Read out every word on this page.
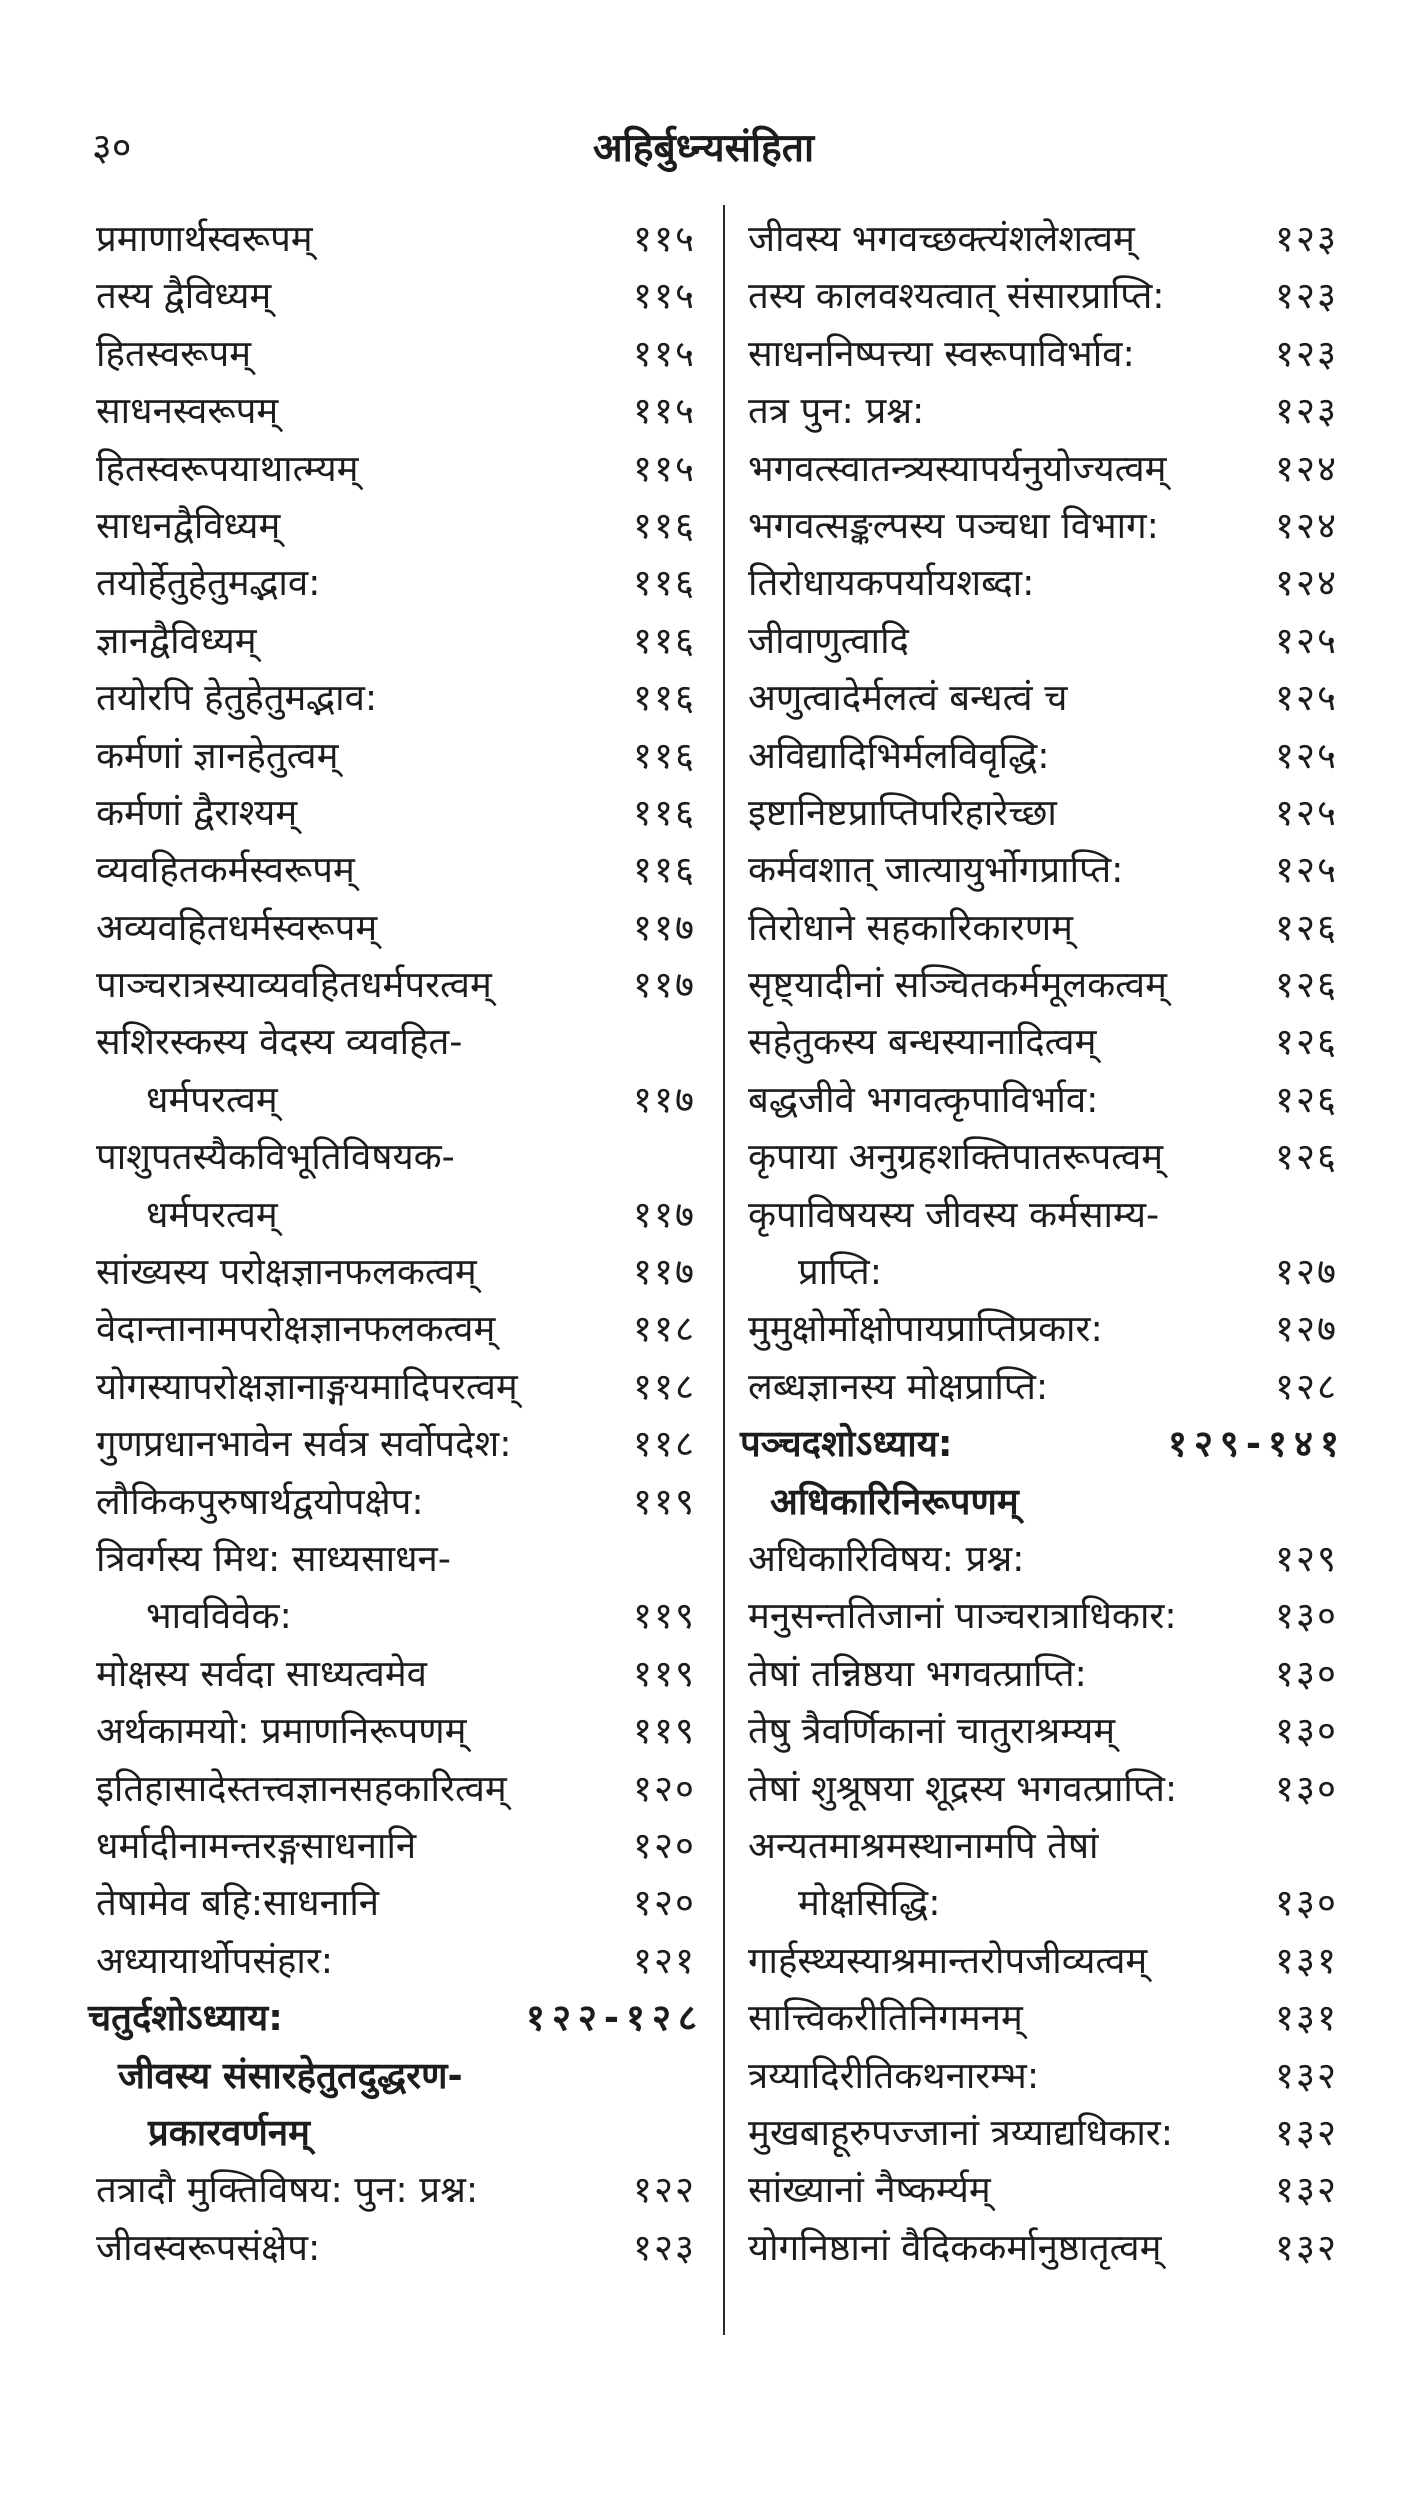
३०	अहिर्बुध्न्यसंहिता
प्रमाणार्थस्वरूपम्	११५
तस्य द्वैविध्यम्	११५
हितस्वरूपम्	११५
साधनस्वरूपम्	११५
हितस्वरूपयाथात्म्यम्	११५
साधनद्वैविध्यम्	११६
तयोर्हेतुहेतुमद्भाव:	११६
ज्ञानद्वैविध्यम्	११६
तयोरपि हेतुहेतुमद्भाव:	११६
कर्मणां ज्ञानहेतुत्वम्	११६
कर्मणां द्वैराश्यम्	११६
व्यवहितकर्मस्वरूपम्	११६
अव्यवहितधर्मस्वरूपम्	११७
पाञ्चरात्रस्याव्यवहितधर्मपरत्वम्	११७
सशिरस्कस्य वेदस्य व्यवहित-
धर्मपरत्वम्	११७
पाशुपतस्यैकविभूतिविषयक-
धर्मपरत्वम्	११७
सांख्यस्य परोक्षज्ञानफलकत्वम्	११७
वेदान्तानामपरोक्षज्ञानफलकत्वम्	११८
योगस्यापरोक्षज्ञानाङ्गयमादिपरत्वम्	११८
गुणप्रधानभावेन सर्वत्र सर्वोपदेश:	११८
लौकिकपुरुषार्थद्वयोपक्षेप:	११९
त्रिवर्गस्य मिथ: साध्यसाधन-
भावविवेक:	११९
मोक्षस्य सर्वदा साध्यत्वमेव	११९
अर्थकामयो: प्रमाणनिरूपणम्	११९
इतिहासादेस्तत्त्वज्ञानसहकारित्वम्	१२०
धर्मादीनामन्तरङ्गसाधनानि	१२०
तेषामेव बहि:साधनानि	१२०
अध्यायार्थोपसंहार:	१२१
चतुर्दशोऽध्याय:	१२२-१२८
जीवस्य संसारहेतुतदुद्धरण-
प्रकारवर्णनम्
तत्रादौ मुक्तिविषय: पुन: प्रश्न:	१२२
जीवस्वरूपसंक्षेप:	१२३
जीवस्य भगवच्छक्त्यंशलेशत्वम्	१२३
तस्य कालवश्यत्वात् संसारप्राप्ति:	१२३
साधननिष्पत्त्या स्वरूपाविर्भाव:	१२३
तत्र पुन: प्रश्न:	१२३
भगवत्स्वातन्त्र्यस्यापर्यनुयोज्यत्वम्	१२४
भगवत्सङ्कल्पस्य पञ्चधा विभाग:	१२४
तिरोधायकपर्यायशब्दा:	१२४
जीवाणुत्वादि	१२५
अणुत्वादेर्मलत्वं बन्धत्वं च	१२५
अविद्यादिभिर्मलविवृद्धि:	१२५
इष्टानिष्टप्राप्तिपरिहारेच्छा	१२५
कर्मवशात् जात्यायुर्भोगप्राप्ति:	१२५
तिरोधाने सहकारिकारणम्	१२६
सृष्ट्यादीनां सञ्चितकर्ममूलकत्वम्	१२६
सहेतुकस्य बन्धस्यानादित्वम्	१२६
बद्धजीवे भगवत्कृपाविर्भाव:	१२६
कृपाया अनुग्रहशक्तिपातरूपत्वम्	१२६
कृपाविषयस्य जीवस्य कर्मसाम्य-
प्राप्ति:	१२७
मुमुक्षोर्मोक्षोपायप्राप्तिप्रकार:	१२७
लब्धज्ञानस्य मोक्षप्राप्ति:	१२८
पञ्चदशोऽध्याय:	१२९-१४१
अधिकारिनिरूपणम्
अधिकारिविषय: प्रश्न:	१२९
मनुसन्ततिजानां पाञ्चरात्राधिकार:	१३०
तेषां तन्निष्ठया भगवत्प्राप्ति:	१३०
तेषु त्रैवर्णिकानां चातुराश्रम्यम्	१३०
तेषां शुश्रूषया शूद्रस्य भगवत्प्राप्ति:	१३०
अन्यतमाश्रमस्थानामपि तेषां
मोक्षसिद्धि:	१३०
गार्हस्थ्यस्याश्रमान्तरोपजीव्यत्वम्	१३१
सात्त्विकरीतिनिगमनम्	१३१
त्रय्यादिरीतिकथनारम्भ:	१३२
मुखबाहूरुपज्जानां त्रय्याद्यधिकार:	१३२
सांख्यानां नैष्कर्म्यम्	१३२
योगनिष्ठानां वैदिककर्मानुष्ठातृत्वम्	१३२
